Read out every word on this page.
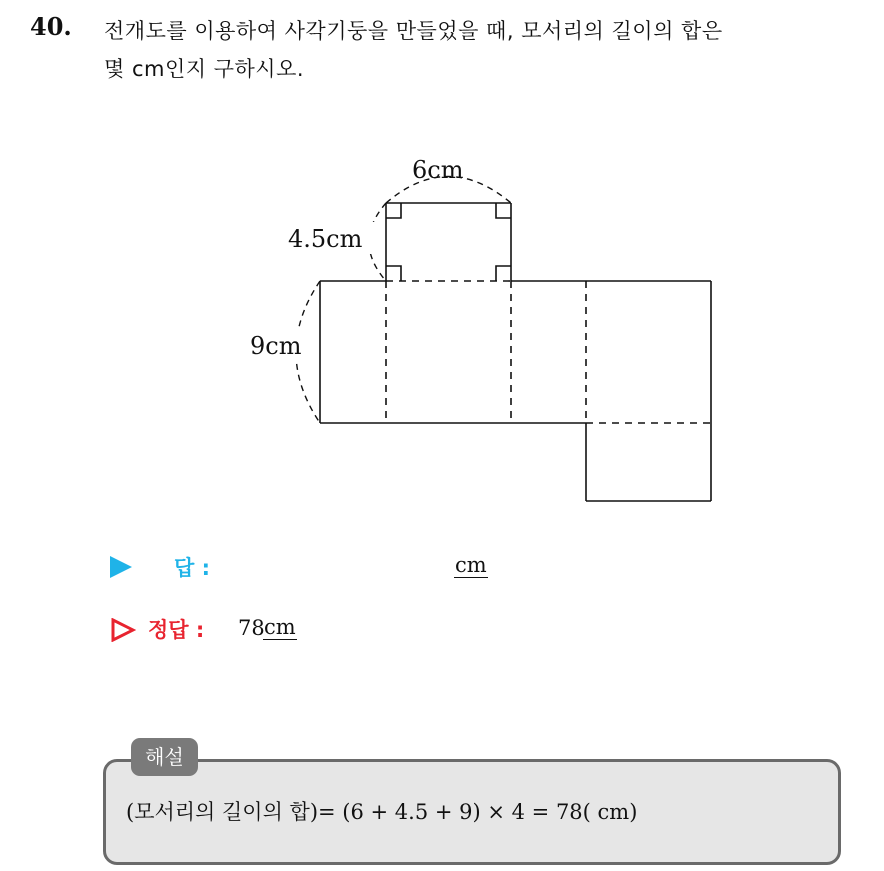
40. 전개도를 이용하여 사각기둥을 만들었을 때, 모서리의 길이의 합은
몇 cm인지 구하시오.
6cm
4.5cm
9cm
답 :	cm
정답 : 78 cm
해설
(모서리의 길이의 합)= (6 + 4.5 + 9) × 4 = 78( cm)
